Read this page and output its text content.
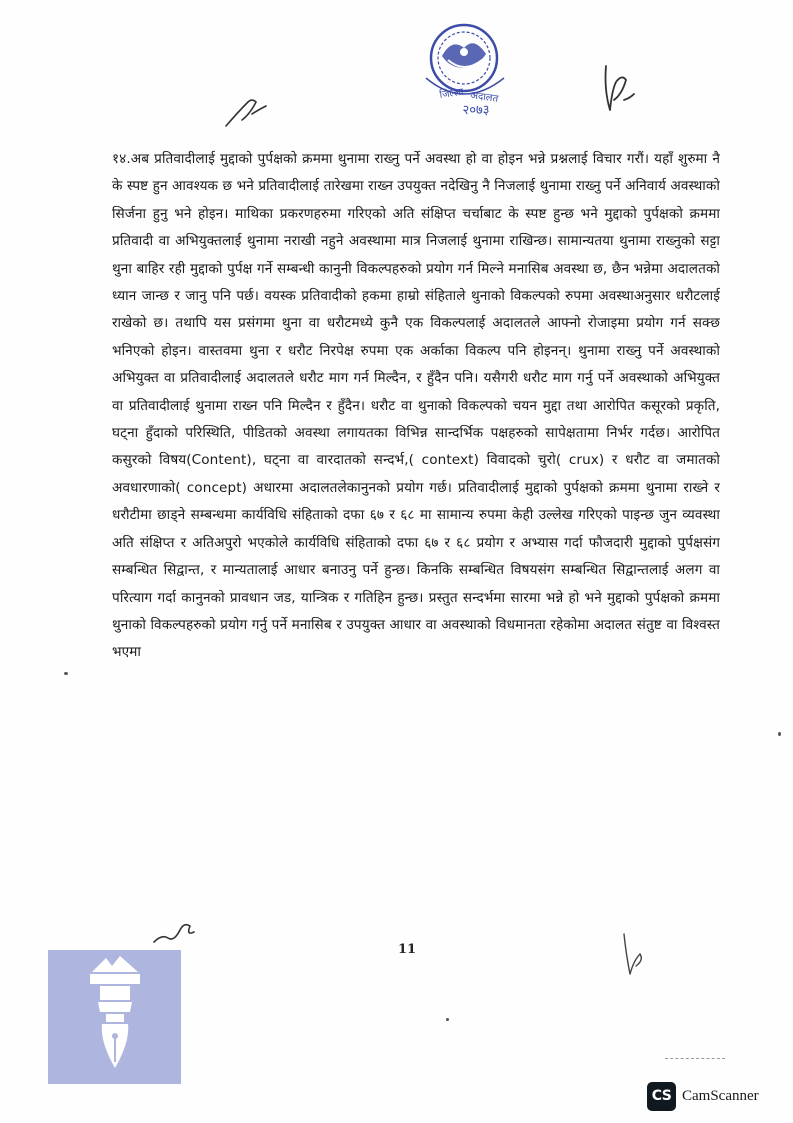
जिल्ला अदालत
२०७३

१४.अब प्रतिवादीलाई मुद्दाको पुर्पक्षको क्रममा थुनामा राख्नु पर्ने अवस्था हो वा होइन भन्ने प्रश्नलाई विचार गरौं। यहाँ शुरुमा नै के स्पष्ट हुन आवश्यक छ भने प्रतिवादीलाई तारेखमा राख्न उपयुक्त नदेखिनु नै निजलाई थुनामा राख्नु पर्ने अनिवार्य अवस्थाको सिर्जना हुनु भने होइन। माथिका प्रकरणहरुमा गरिएको अति संक्षिप्त चर्चाबाट के स्पष्ट हुन्छ भने मुद्दाको पुर्पक्षको क्रममा प्रतिवादी वा अभियुक्तलाई थुनामा नराखी नहुने अवस्थामा मात्र निजलाई थुनामा राखिन्छ। सामान्यतया थुनामा राख्नुको सट्टा थुना बाहिर रही मुद्दाको पुर्पक्ष गर्ने सम्बन्धी कानुनी विकल्पहरुको प्रयोग गर्न मिल्ने मनासिब अवस्था छ, छैन भन्नेमा अदालतको ध्यान जान्छ र जानु पनि पर्छ। वयस्क प्रतिवादीको हकमा हाम्रो संहिताले थुनाको विकल्पको रुपमा अवस्थाअनुसार धरौटलाई राखेको छ। तथापि यस प्रसंगमा थुना वा धरौटमध्ये कुनै एक विकल्पलाई अदालतले आफ्नो रोजाइमा प्रयोग गर्न सक्छ भनिएको होइन। वास्तवमा थुना र धरौट निरपेक्ष रुपमा एक अर्काका विकल्प पनि होइनन्। थुनामा राख्नु पर्ने अवस्थाको अभियुक्त वा प्रतिवादीलाई अदालतले धरौट माग गर्न मिल्दैन, र हुँदैन पनि। यसैगरी धरौट माग गर्नु पर्ने अवस्थाको अभियुक्त वा प्रतिवादीलाई थुनामा राख्न पनि मिल्दैन र हुँदैन। धरौट वा थुनाको विकल्पको चयन मुद्दा तथा आरोपित कसूरको प्रकृति, घट्ना हुँदाको परिस्थिति, पीडितको अवस्था लगायतका विभिन्न सान्दर्भिक पक्षहरुको सापेक्षतामा निर्भर गर्दछ। आरोपित कसुरको विषय(Content), घट्ना वा वारदातको सन्दर्भ,( context) विवादको चुरो( crux) र धरौट वा जमातको अवधारणाको( concept) अधारमा अदालतलेकानुनको प्रयोग गर्छ। प्रतिवादीलाई मुद्दाको पुर्पक्षको क्रममा थुनामा राख्ने र धरौटीमा छाड्ने सम्बन्धमा कार्यविधि संहिताको दफा ६७ र ६८ मा सामान्य रुपमा केही उल्लेख गरिएको पाइन्छ जुन व्यवस्था अति संक्षिप्त र अतिअपुरो भएकोले कार्यविधि संहिताको दफा ६७ र ६८ प्रयोग र अभ्यास गर्दा फौजदारी मुद्दाको पुर्पक्षसंग सम्बन्धित सिद्वान्त, र मान्यतालाई आधार बनाउनु पर्ने हुन्छ। किनकि सम्बन्धित विषयसंग सम्बन्धित सिद्वान्तलाई अलग वा परित्याग गर्दा कानुनको प्रावधान जड, यान्त्रिक र गतिहिन हुन्छ। प्रस्तुत सन्दर्भमा सारमा भन्ने हो भने मुद्दाको पुर्पक्षको क्रममा थुनाको विकल्पहरुको प्रयोग गर्नु पर्ने मनासिब र उपयुक्त आधार वा अवस्थाको विधमानता रहेकोमा अदालत संतुष्ट वा विश्वस्त भएमा

11
CS CamScanner
